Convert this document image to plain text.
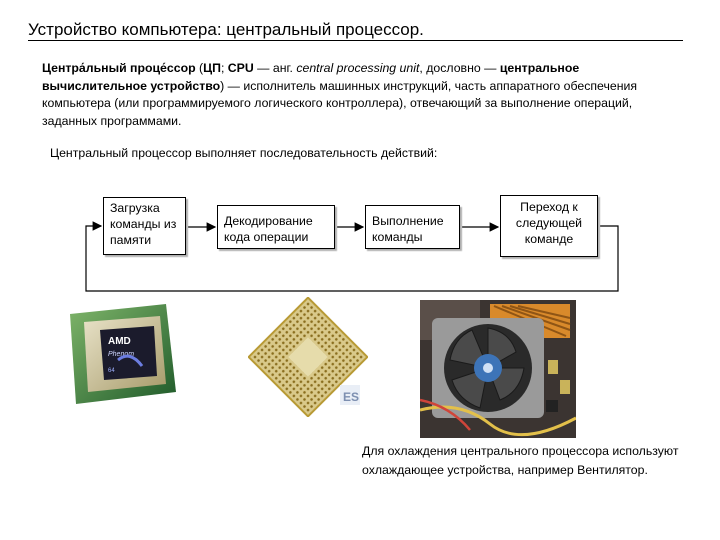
Устройство компьютера: центральный процессор.
Центра́льный проце́ссор (ЦП; CPU — анг. central processing unit, дословно — центральное вычислительное устройство) — исполнитель машинных инструкций, часть аппаратного обеспечения компьютера (или программируемого логического контроллера), отвечающий за выполнение операций, заданных программами.
Центральный процессор выполняет последовательность действий:
Загрузка команды из памяти
Декодирование кода операции
Выполнение команды
Переход к следующей команде
AMD
Phenom
64
ES
Для охлаждения центрального процессора используют охлаждающее устройства, например Вентилятор.
